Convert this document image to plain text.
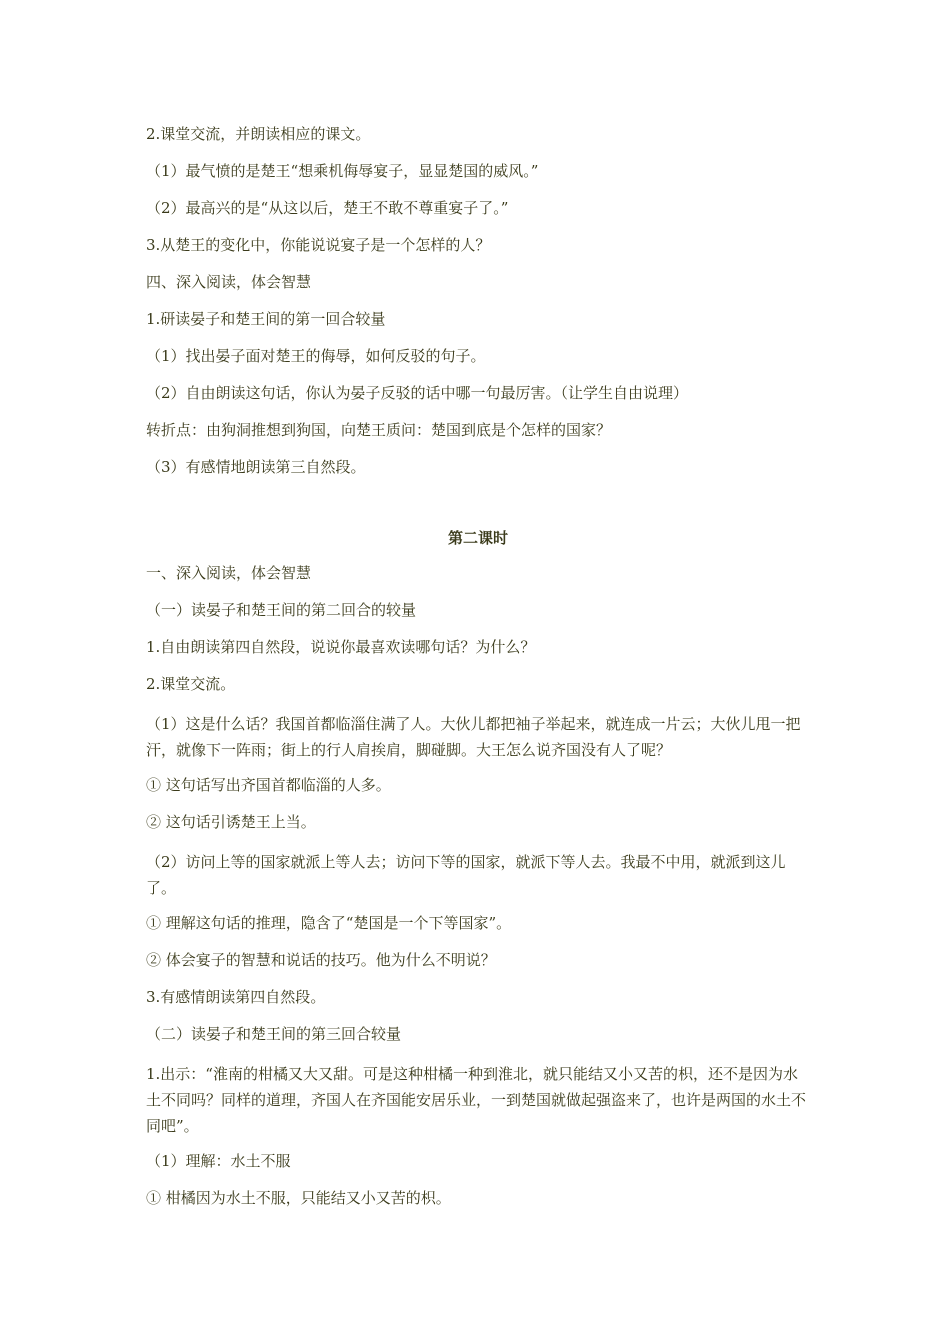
2.课堂交流，并朗读相应的课文。

（1）最气愤的是楚王“想乘机侮辱宴子，显显楚国的威风。”

（2）最高兴的是“从这以后，楚王不敢不尊重宴子了。”

3.从楚王的变化中，你能说说宴子是一个怎样的人？

四、深入阅读，体会智慧

1.研读晏子和楚王间的第一回合较量

（1）找出晏子面对楚王的侮辱，如何反驳的句子。

（2）自由朗读这句话，你认为晏子反驳的话中哪一句最厉害。（让学生自由说理）

转折点：由狗洞推想到狗国，向楚王质问：楚国到底是个怎样的国家？

（3）有感情地朗读第三自然段。

第二课时

一、深入阅读，体会智慧

（一）读晏子和楚王间的第二回合的较量

1.自由朗读第四自然段，说说你最喜欢读哪句话？为什么？

2.课堂交流。

（1）这是什么话？我国首都临淄住满了人。大伙儿都把袖子举起来，就连成一片云；大伙儿甩一把汗，就像下一阵雨；街上的行人肩挨肩，脚碰脚。大王怎么说齐国没有人了呢？

① 这句话写出齐国首都临淄的人多。

② 这句话引诱楚王上当。

（2）访问上等的国家就派上等人去；访问下等的国家，就派下等人去。我最不中用，就派到这儿了。

① 理解这句话的推理，隐含了“楚国是一个下等国家”。

② 体会宴子的智慧和说话的技巧。他为什么不明说？

3.有感情朗读第四自然段。

（二）读晏子和楚王间的第三回合较量

1.出示：“淮南的柑橘又大又甜。可是这种柑橘一种到淮北，就只能结又小又苦的枳，还不是因为水土不同吗？同样的道理，齐国人在齐国能安居乐业，一到楚国就做起强盗来了，也许是两国的水土不同吧”。

（1）理解：水土不服

① 柑橘因为水土不服，只能结又小又苦的枳。
